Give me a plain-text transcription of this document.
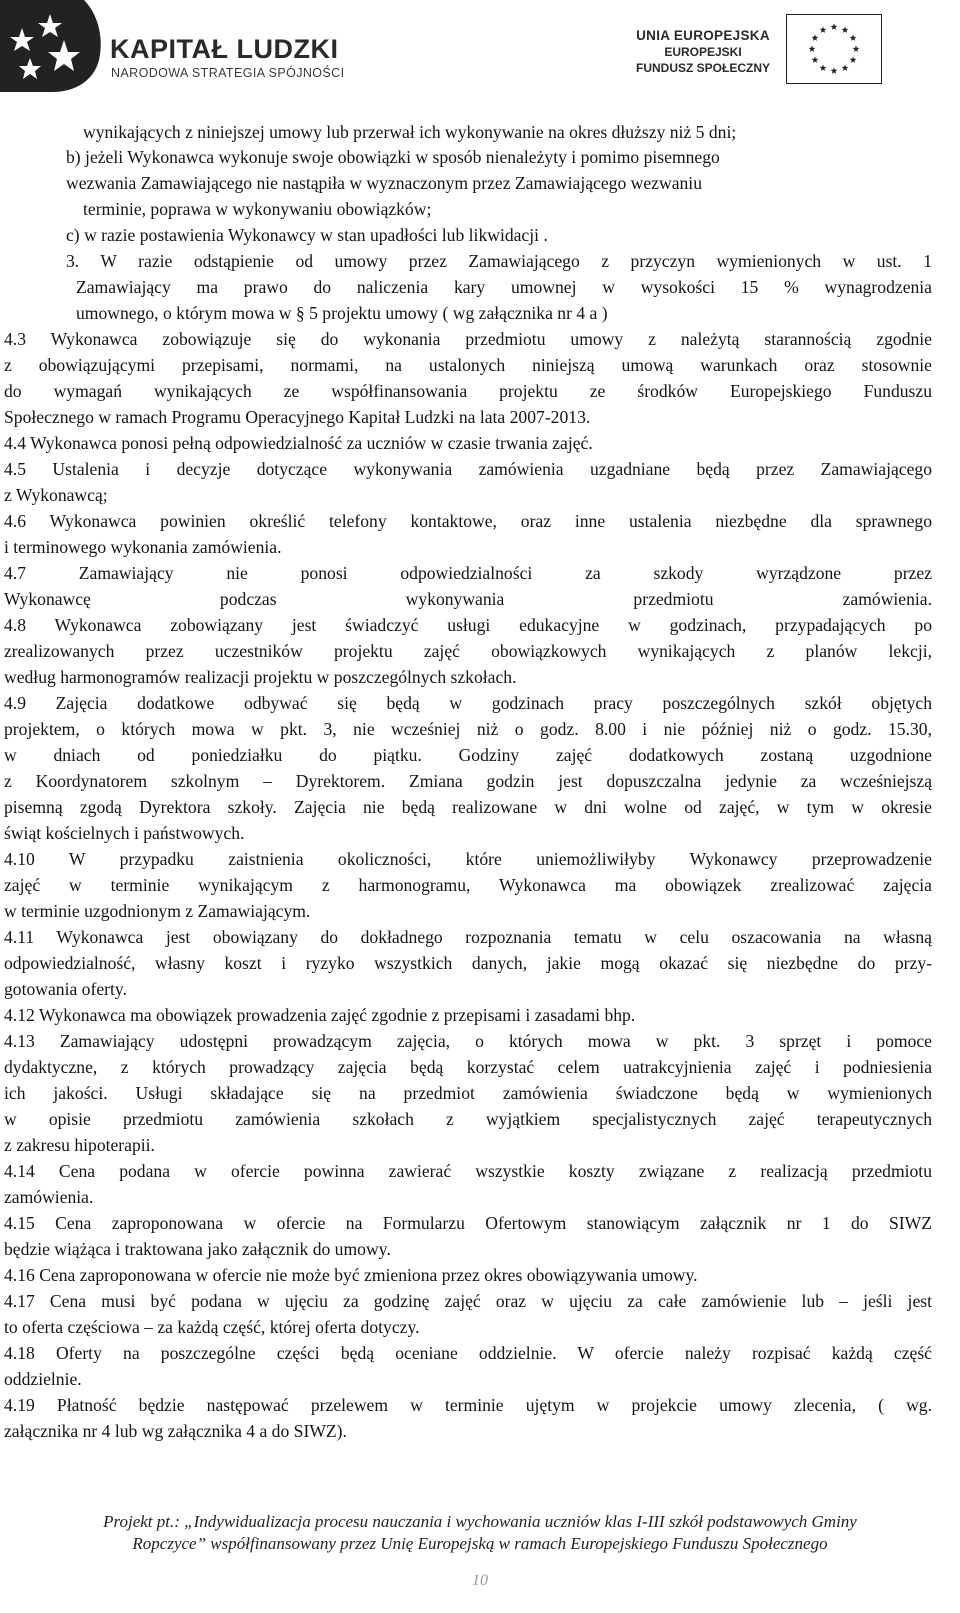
KAPITAŁ LUDZKI
NARODOWA STRATEGIA SPÓJNOŚCI
UNIA EUROPEJSKA
EUROPEJSKI
FUNDUSZ SPOŁECZNY
wynikających z niniejszej umowy lub przerwał ich wykonywanie na okres dłuższy niż 5 dni;
b) jeżeli Wykonawca wykonuje swoje obowiązki w sposób nienależyty i pomimo pisemnego
wezwania Zamawiającego nie nastąpiła w wyznaczonym przez Zamawiającego wezwaniu
terminie, poprawa w wykonywaniu obowiązków;
c) w razie postawienia Wykonawcy w stan upadłości lub likwidacji .
3. W razie odstąpienie od umowy przez Zamawiającego z przyczyn wymienionych w ust. 1
Zamawiający ma prawo do naliczenia kary umownej w wysokości 15 % wynagrodzenia
umownego, o którym mowa w § 5 projektu umowy ( wg załącznika nr 4 a )
4.3 Wykonawca zobowiązuje się do wykonania przedmiotu umowy z należytą starannością zgodnie
z obowiązującymi przepisami, normami, na ustalonych niniejszą umową warunkach oraz stosownie
do wymagań wynikających ze współfinansowania projektu ze środków Europejskiego Funduszu
Społecznego w ramach Programu Operacyjnego Kapitał Ludzki na lata 2007-2013.
4.4 Wykonawca ponosi pełną odpowiedzialność za uczniów w czasie trwania zajęć.
4.5 Ustalenia i decyzje dotyczące wykonywania zamówienia uzgadniane będą przez Zamawiającego
z Wykonawcą;
4.6 Wykonawca powinien określić telefony kontaktowe, oraz inne ustalenia niezbędne dla sprawnego
i terminowego wykonania zamówienia.
4.7 Zamawiający nie ponosi odpowiedzialności za szkody wyrządzone przez
Wykonawcę podczas wykonywania przedmiotu zamówienia.
4.8 Wykonawca zobowiązany jest świadczyć usługi edukacyjne w godzinach, przypadających po
zrealizowanych przez uczestników projektu zajęć obowiązkowych wynikających z planów lekcji,
według harmonogramów realizacji projektu w poszczególnych szkołach.
4.9 Zajęcia dodatkowe odbywać się będą w godzinach pracy poszczególnych szkół objętych
projektem, o których mowa w pkt. 3, nie wcześniej niż o godz. 8.00 i nie później niż o godz. 15.30,
w dniach od poniedziałku do piątku. Godziny zajęć dodatkowych zostaną uzgodnione
z Koordynatorem szkolnym – Dyrektorem. Zmiana godzin jest dopuszczalna jedynie za wcześniejszą
pisemną zgodą Dyrektora szkoły. Zajęcia nie będą realizowane w dni wolne od zajęć, w tym w okresie
świąt kościelnych i państwowych.
4.10 W przypadku zaistnienia okoliczności, które uniemożliwiłyby Wykonawcy przeprowadzenie
zajęć w terminie wynikającym z harmonogramu, Wykonawca ma obowiązek zrealizować zajęcia
w terminie uzgodnionym z Zamawiającym.
4.11 Wykonawca jest obowiązany do dokładnego rozpoznania tematu w celu oszacowania na własną
odpowiedzialność, własny koszt i ryzyko wszystkich danych, jakie mogą okazać się niezbędne do przy-
gotowania oferty.
4.12 Wykonawca ma obowiązek prowadzenia zajęć zgodnie z przepisami i zasadami bhp.
4.13 Zamawiający udostępni prowadzącym zajęcia, o których mowa w pkt. 3 sprzęt i pomoce
dydaktyczne, z których prowadzący zajęcia będą korzystać celem uatrakcyjnienia zajęć i podniesienia
ich jakości. Usługi składające się na przedmiot zamówienia świadczone będą w wymienionych
w opisie przedmiotu zamówienia szkołach z wyjątkiem specjalistycznych zajęć terapeutycznych
z zakresu hipoterapii.
4.14 Cena podana w ofercie powinna zawierać wszystkie koszty związane z realizacją przedmiotu
zamówienia.
4.15 Cena zaproponowana w ofercie na Formularzu Ofertowym stanowiącym załącznik nr 1 do SIWZ
będzie wiążąca i traktowana jako załącznik do umowy.
4.16 Cena zaproponowana w ofercie nie może być zmieniona przez okres obowiązywania umowy.
4.17 Cena musi być podana w ujęciu za godzinę zajęć oraz w ujęciu za całe zamówienie lub – jeśli jest
to oferta częściowa – za każdą część, której oferta dotyczy.
4.18 Oferty na poszczególne części będą oceniane oddzielnie. W ofercie należy rozpisać każdą część
oddzielnie.
4.19 Płatność będzie następować przelewem w terminie ujętym w projekcie umowy zlecenia, ( wg.
załącznika nr 4 lub wg załącznika 4 a do SIWZ).
Projekt pt.: „Indywidualizacja procesu nauczania i wychowania uczniów klas I-III szkół podstawowych Gminy
Ropczyce” współfinansowany przez Unię Europejską w ramach Europejskiego Funduszu Społecznego
10
